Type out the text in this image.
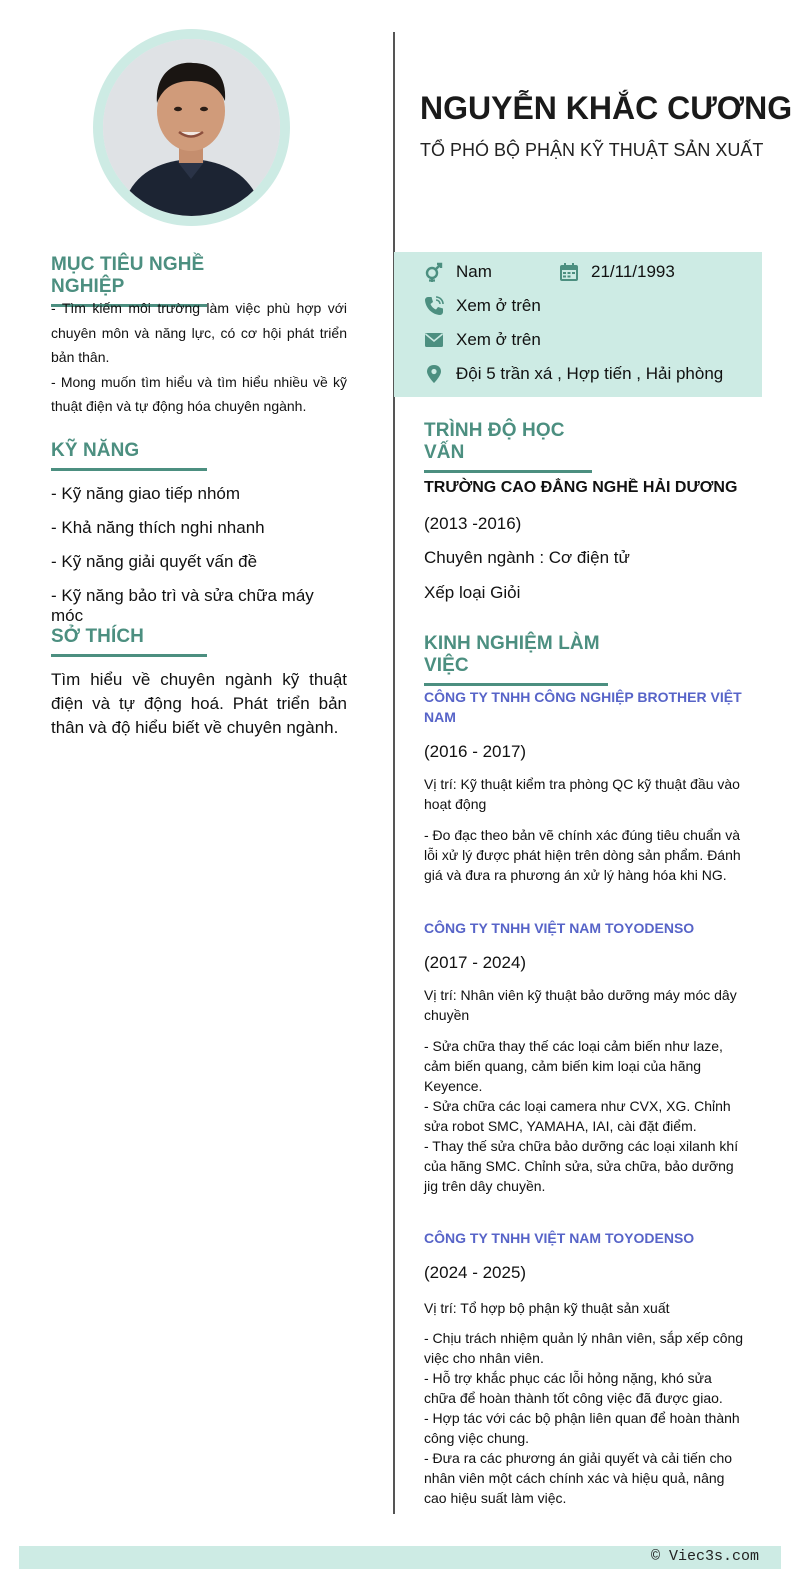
MỤC TIÊU NGHỀ NGHIỆP
- Tìm kiếm môi trường làm việc phù hợp với chuyên môn và năng lực, có cơ hội phát triển bản thân.
- Mong muốn tìm hiểu và tìm hiểu nhiều về kỹ thuật điện và tự động hóa chuyên ngành.
KỸ NĂNG
- Kỹ năng giao tiếp nhóm
- Khả năng thích nghi nhanh
- Kỹ năng giải quyết vấn đề
- Kỹ năng bảo trì và sửa chữa máy móc
SỞ THÍCH
Tìm hiểu về chuyên ngành kỹ thuật điện và tự động hoá. Phát triển bản thân và độ hiểu biết về chuyên ngành.
NGUYỄN KHẮC CƯƠNG
TỔ PHÓ BỘ PHẬN KỸ THUẬT SẢN XUẤT
Nam	21/11/1993
Xem ở trên
Xem ở trên
Đội 5 trần xá , Hợp tiến , Hải phòng
TRÌNH ĐỘ HỌC VẤN
TRƯỜNG CAO ĐẲNG NGHỀ HẢI DƯƠNG
(2013 -2016)
Chuyên ngành : Cơ điện tử
Xếp loại Giỏi
KINH NGHIỆM LÀM VIỆC
CÔNG TY TNHH CÔNG NGHIỆP BROTHER VIỆT NAM
(2016 - 2017)
Vị trí: Kỹ thuật kiểm tra phòng QC kỹ thuật đầu vào hoạt động
- Đo đạc theo bản vẽ chính xác đúng tiêu chuẩn và lỗi xử lý được phát hiện trên dòng sản phẩm. Đánh giá và đưa ra phương án xử lý hàng hóa khi NG.
CÔNG TY TNHH VIỆT NAM TOYODENSO
(2017 - 2024)
Vị trí: Nhân viên kỹ thuật bảo dưỡng máy móc dây chuyền
- Sửa chữa thay thế các loại cảm biến như laze, cảm biến quang, cảm biến kim loại của hãng Keyence.
- Sửa chữa các loại camera như CVX, XG. Chỉnh sửa robot SMC, YAMAHA, IAI, cài đặt điểm.
- Thay thế sửa chữa bảo dưỡng các loại xilanh khí của hãng SMC. Chỉnh sửa, sửa chữa, bảo dưỡng jig trên dây chuyền.
CÔNG TY TNHH VIỆT NAM TOYODENSO
(2024 - 2025)
Vị trí: Tổ hợp bộ phận kỹ thuật sản xuất
- Chịu trách nhiệm quản lý nhân viên, sắp xếp công việc cho nhân viên.
- Hỗ trợ khắc phục các lỗi hỏng nặng, khó sửa chữa để hoàn thành tốt công việc đã được giao.
- Hợp tác với các bộ phận liên quan để hoàn thành công việc chung.
- Đưa ra các phương án giải quyết và cải tiến cho nhân viên một cách chính xác và hiệu quả, nâng cao hiệu suất làm việc.
© Viec3s.com
